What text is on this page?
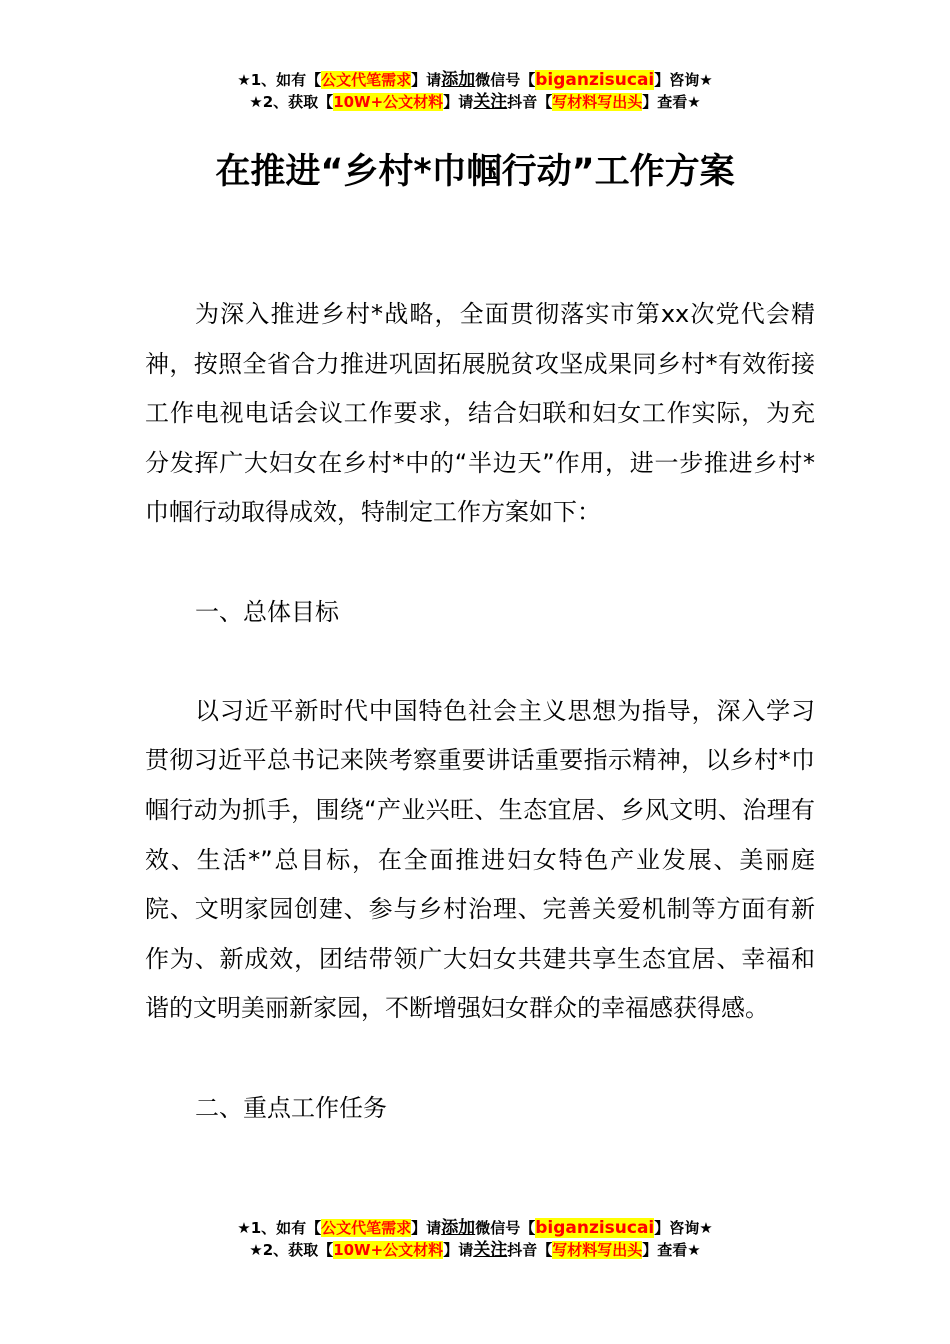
★1、如有【公文代笔需求】请添加微信号【biganzisucai】咨询★
★2、获取【10W+公文材料】请关注抖音【写材料写出头】查看★
在推进“乡村*巾帼行动”工作方案

为深入推进乡村*战略，全面贯彻落实市第xx次党代会精神，按照全省合力推进巩固拓展脱贫攻坚成果同乡村*有效衔接工作电视电话会议工作要求，结合妇联和妇女工作实际，为充分发挥广大妇女在乡村*中的“半边天”作用，进一步推进乡村*巾帼行动取得成效，特制定工作方案如下：

一、总体目标

以习近平新时代中国特色社会主义思想为指导，深入学习贯彻习近平总书记来陕考察重要讲话重要指示精神，以乡村*巾帼行动为抓手，围绕“产业兴旺、生态宜居、乡风文明、治理有效、生活*”总目标，在全面推进妇女特色产业发展、美丽庭院、文明家园创建、参与乡村治理、完善关爱机制等方面有新作为、新成效，团结带领广大妇女共建共享生态宜居、幸福和谐的文明美丽新家园，不断增强妇女群众的幸福感获得感。

二、重点工作任务

★1、如有【公文代笔需求】请添加微信号【biganzisucai】咨询★
★2、获取【10W+公文材料】请关注抖音【写材料写出头】查看★
